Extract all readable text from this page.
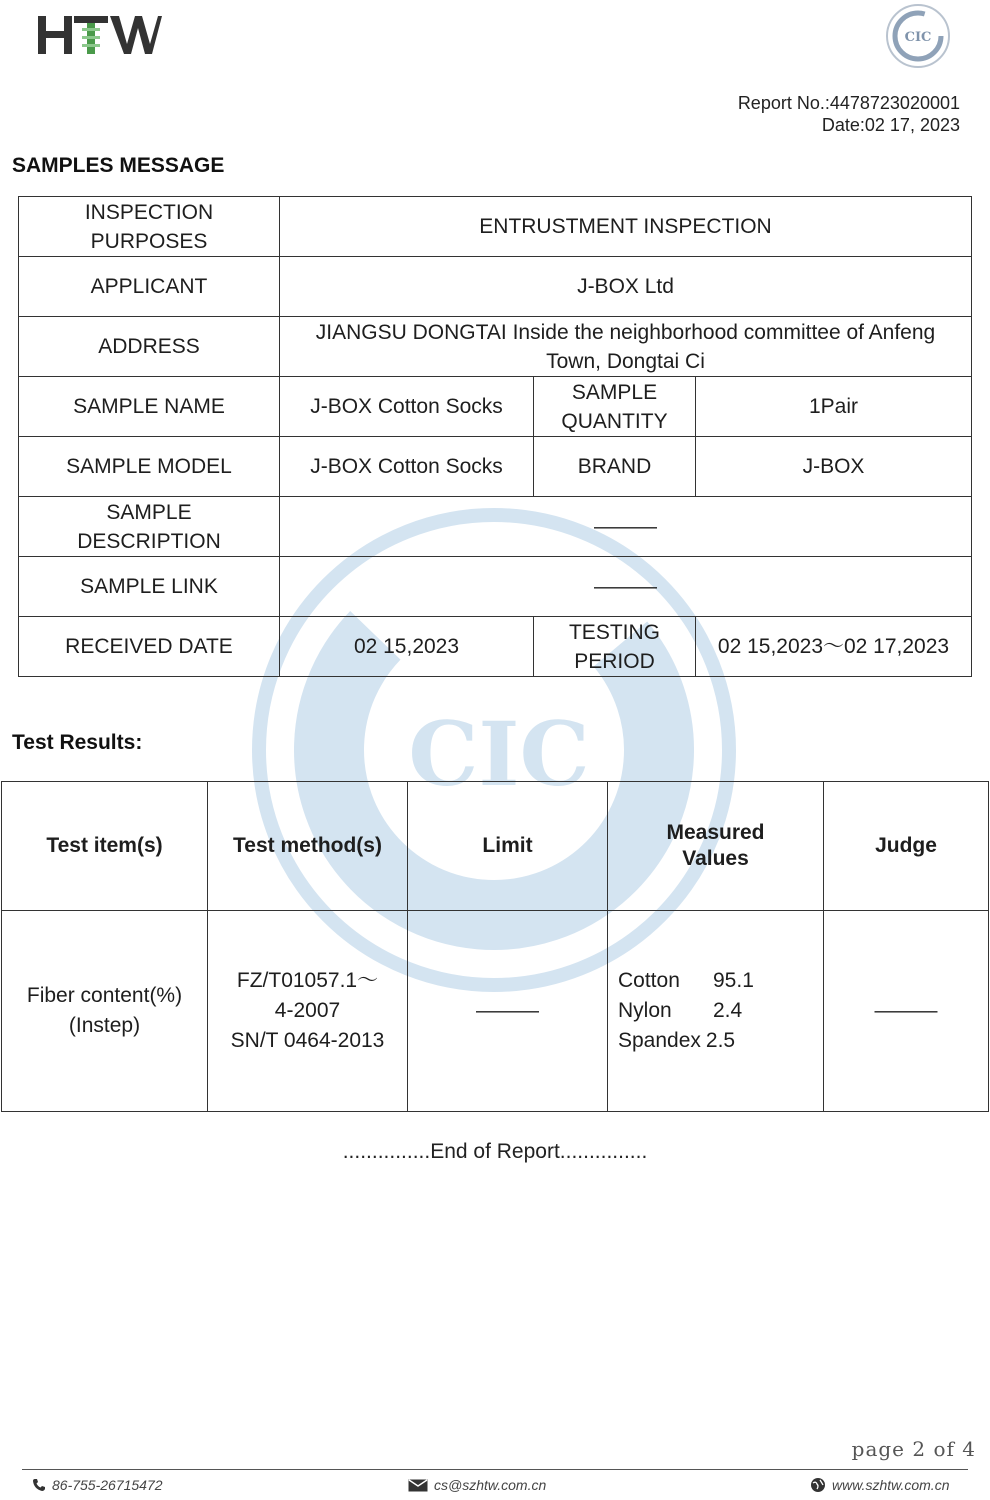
CIC
CIC
Report No.:4478723020001
Date:02 17, 2023
SAMPLES MESSAGE
INSPECTION
PURPOSES	ENTRUSTMENT INSPECTION		
APPLICANT	J-BOX Ltd		
ADDRESS	JIANGSU DONGTAI Inside the neighborhood committee of Anfeng
Town, Dongtai Ci		

SAMPLE NAME	J-BOX Cotton Socks	SAMPLE
QUANTITY	1Pair
SAMPLE MODEL	J-BOX Cotton Socks	BRAND	J-BOX

SAMPLE
DESCRIPTION	———		
SAMPLE LINK	———		
RECEIVED DATE	02 15,2023	TESTING
PERIOD	02 15,2023～02 17,2023
Test Results:
Test item(s)	Test method(s)	Limit	Measured
Values	Judge

Fiber content(%)
(Instep)	FZ/T01057.1～
4-2007
SN/T 0464-2013	———	Cotton 95.1
Nylon 2.4
Spandex 2.5	———
...............End of Report...............
page 2 of 4
86-755-26715472	cs@szhtw.com.cn	www.szhtw.com.cn
